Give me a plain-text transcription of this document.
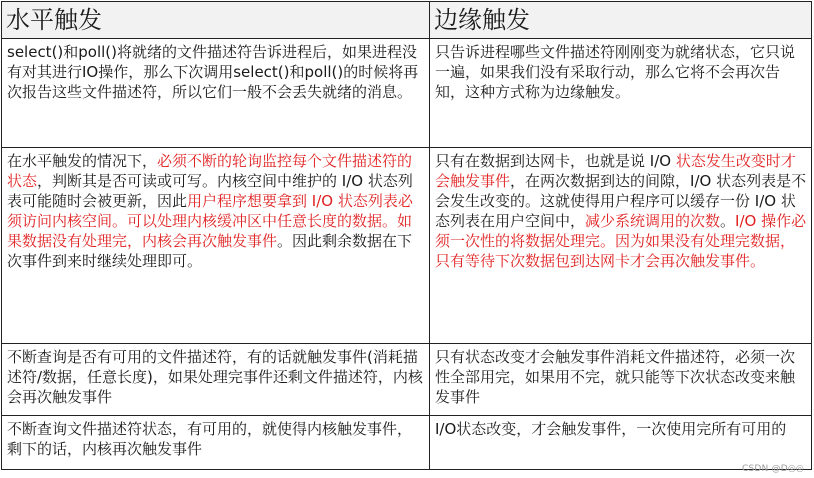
水平触发	边缘触发
select()和poll()将就绪的文件描述符告诉进程后，如果进程没有对其进行IO操作，那么下次调用select()和poll()的时候将再次报告这些文件描述符，所以它们一般不会丢失就绪的消息。	只告诉进程哪些文件描述符刚刚变为就绪状态，它只说一遍，如果我们没有采取行动，那么它将不会再次告知，这种方式称为边缘触发。
在水平触发的情况下，必须不断的轮询监控每个文件描述符的状态，判断其是否可读或可写。内核空间中维护的 I/O 状态列表可能随时会被更新，因此用户程序想要拿到 I/O 状态列表必须访问内核空间。可以处理内核缓冲区中任意长度的数据。如果数据没有处理完，内核会再次触发事件。因此剩余数据在下次事件到来时继续处理即可。	只有在数据到达网卡，也就是说 I/O 状态发生改变时才会触发事件，在两次数据到达的间隙，I/O 状态列表是不会发生改变的。这就使得用户程序可以缓存一份 I/O 状态列表在用户空间中，减少系统调用的次数。I/O 操作必须一次性的将数据处理完。因为如果没有处理完数据，只有等待下次数据包到达网卡才会再次触发事件。
不断查询是否有可用的文件描述符，有的话就触发事件(消耗描述符/数据，任意长度)，如果处理完事件还剩文件描述符，内核会再次触发事件	只有状态改变才会触发事件消耗文件描述符，必须一次性全部用完，如果用不完，就只能等下次状态改变来触发事件
不断查询文件描述符状态，有可用的，就使得内核触发事件，剩下的话，内核再次触发事件	I/O状态改变，才会触发事件，一次使用完所有可用的
CSDN @D◎◎
